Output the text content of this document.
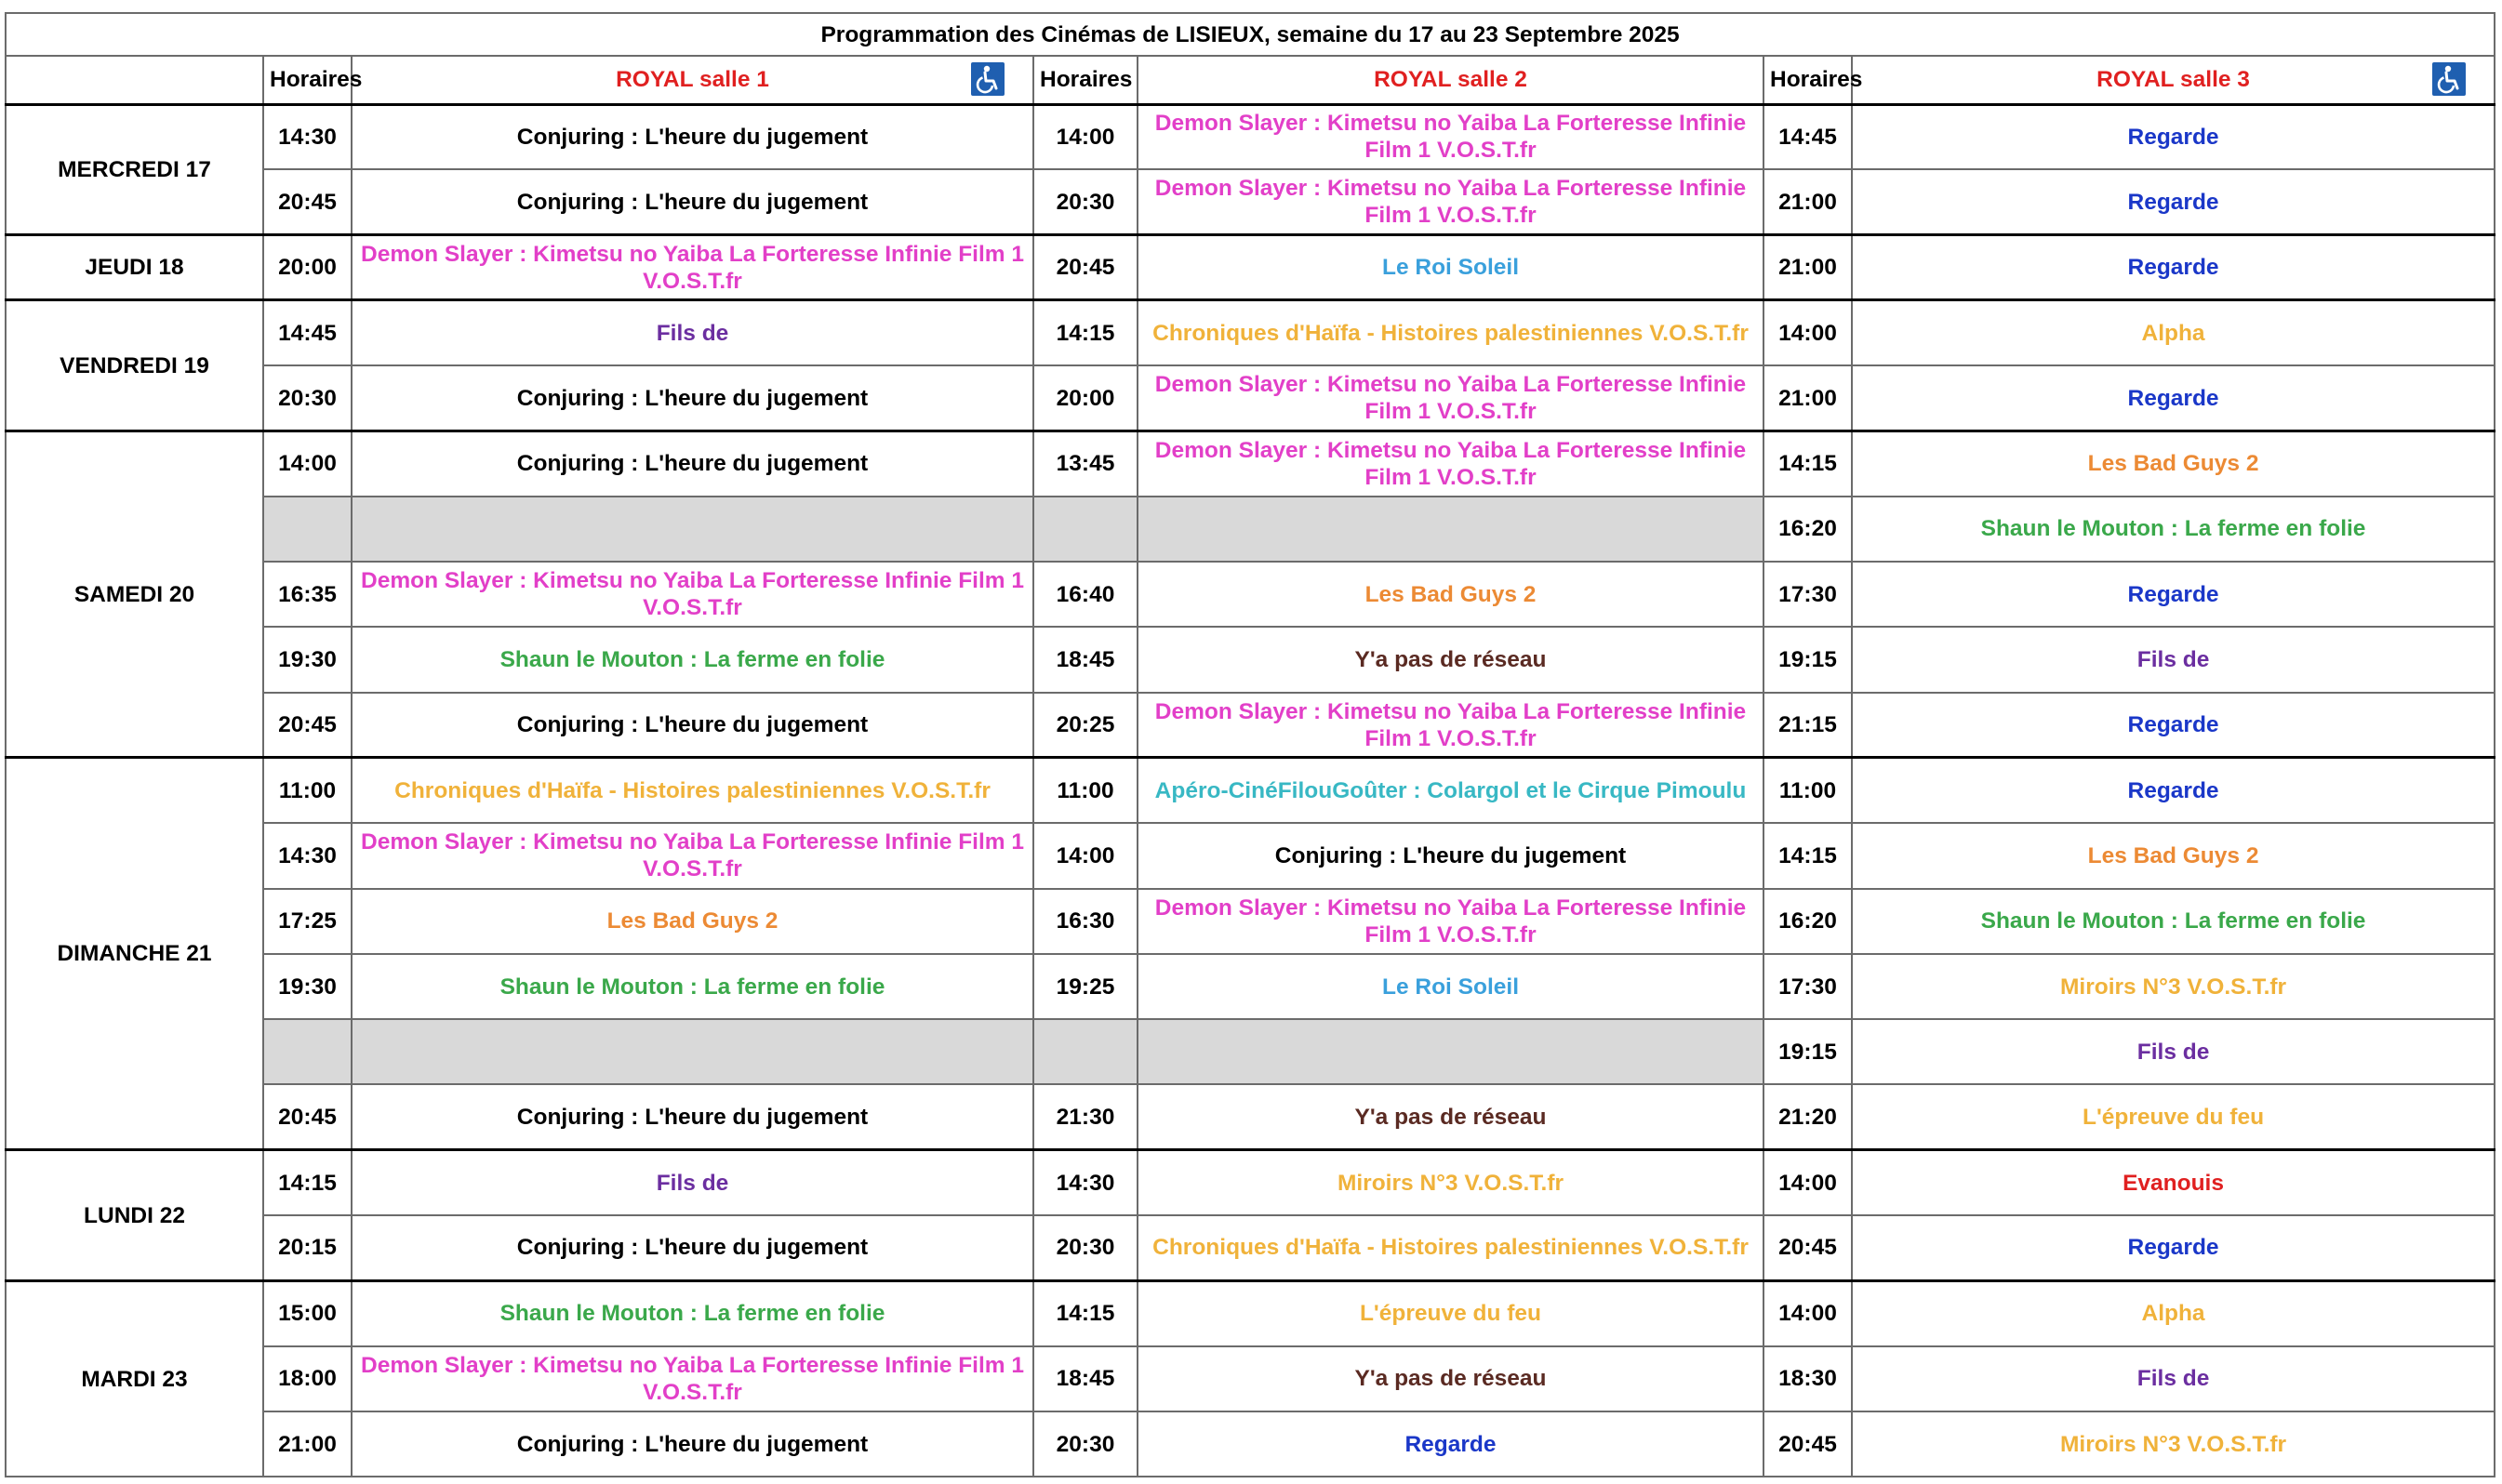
Programmation des Cinémas de LISIEUX, semaine du 17 au 23 Septembre 2025						
	Horaires	ROYAL salle 1	Horaires	ROYAL salle 2	Horaires	ROYAL salle 3

MERCREDI 17	14:30	Conjuring : L'heure du jugement	14:00	Demon Slayer : Kimetsu no Yaiba La Forteresse Infinie Film 1 V.O.S.T.fr	14:45	Regarde
	20:45	Conjuring : L'heure du jugement	20:30	Demon Slayer : Kimetsu no Yaiba La Forteresse Infinie Film 1 V.O.S.T.fr	21:00	Regarde
JEUDI 18	20:00	Demon Slayer : Kimetsu no Yaiba La Forteresse Infinie Film 1 V.O.S.T.fr	20:45	Le Roi Soleil	21:00	Regarde
VENDREDI 19	14:45	Fils de	14:15	Chroniques d'Haïfa - Histoires palestiniennes V.O.S.T.fr	14:00	Alpha
	20:30	Conjuring : L'heure du jugement	20:00	Demon Slayer : Kimetsu no Yaiba La Forteresse Infinie Film 1 V.O.S.T.fr	21:00	Regarde
SAMEDI 20	14:00	Conjuring : L'heure du jugement	13:45	Demon Slayer : Kimetsu no Yaiba La Forteresse Infinie Film 1 V.O.S.T.fr	14:15	Les Bad Guys 2
					16:20	Shaun le Mouton : La ferme en folie
	16:35	Demon Slayer : Kimetsu no Yaiba La Forteresse Infinie Film 1 V.O.S.T.fr	16:40	Les Bad Guys 2	17:30	Regarde
	19:30	Shaun le Mouton : La ferme en folie	18:45	Y'a pas de réseau	19:15	Fils de
	20:45	Conjuring : L'heure du jugement	20:25	Demon Slayer : Kimetsu no Yaiba La Forteresse Infinie Film 1 V.O.S.T.fr	21:15	Regarde
DIMANCHE 21	11:00	Chroniques d'Haïfa - Histoires palestiniennes V.O.S.T.fr	11:00	Apéro-CinéFilouGoûter : Colargol et le Cirque Pimoulu	11:00	Regarde
	14:30	Demon Slayer : Kimetsu no Yaiba La Forteresse Infinie Film 1 V.O.S.T.fr	14:00	Conjuring : L'heure du jugement	14:15	Les Bad Guys 2
	17:25	Les Bad Guys 2	16:30	Demon Slayer : Kimetsu no Yaiba La Forteresse Infinie Film 1 V.O.S.T.fr	16:20	Shaun le Mouton : La ferme en folie
	19:30	Shaun le Mouton : La ferme en folie	19:25	Le Roi Soleil	17:30	Miroirs N°3 V.O.S.T.fr
					19:15	Fils de
	20:45	Conjuring : L'heure du jugement	21:30	Y'a pas de réseau	21:20	L'épreuve du feu
LUNDI 22	14:15	Fils de	14:30	Miroirs N°3 V.O.S.T.fr	14:00	Evanouis
	20:15	Conjuring : L'heure du jugement	20:30	Chroniques d'Haïfa - Histoires palestiniennes V.O.S.T.fr	20:45	Regarde
MARDI 23	15:00	Shaun le Mouton : La ferme en folie	14:15	L'épreuve du feu	14:00	Alpha
	18:00	Demon Slayer : Kimetsu no Yaiba La Forteresse Infinie Film 1 V.O.S.T.fr	18:45	Y'a pas de réseau	18:30	Fils de
	21:00	Conjuring : L'heure du jugement	20:30	Regarde	20:45	Miroirs N°3 V.O.S.T.fr
